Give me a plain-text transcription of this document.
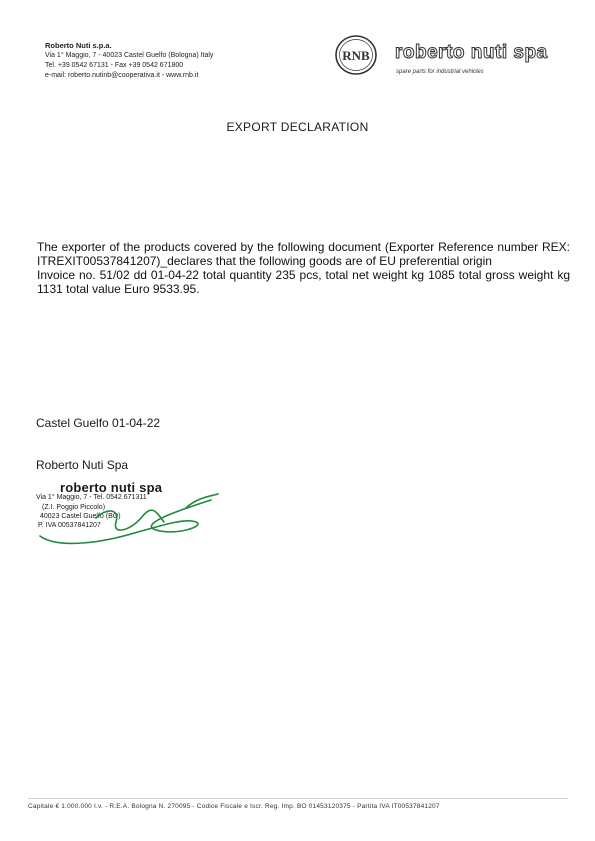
Roberto Nuti s.p.a.
Via 1° Maggio, 7 - 40023 Castel Guelfo (Bologna) Italy
Tel. +39 0542 67131 - Fax +39 0542 671800
e-mail: roberto.nutinb@cooperativa.it - www.rnb.it
RNB roberto nuti spa
spare parts for industrial vehicles
EXPORT DECLARATION

The exporter of the products covered by the following document (Exporter Reference number REX: ITREXIT00537841207)_declares that the following goods are of EU preferential origin

Invoice no. 51/02 dd 01-04-22 total quantity 235 pcs, total net weight kg 1085 total gross weight kg 1131 total value Euro 9533.95.

Castel Guelfo 01-04-22
Roberto Nuti Spa
roberto nuti spa
Via 1° Maggio, 7 - Tel. 0542.671311
(Z.I. Poggio Piccolo)
40023 Castel Guelfo (BO)
P. IVA 00537841207
Capitale € 1.000.000 I.v. - R.E.A. Bologna N. 270095 - Codice Fiscale e Iscr. Reg. Imp. BO 01453120375 - Partita IVA IT00537841207
